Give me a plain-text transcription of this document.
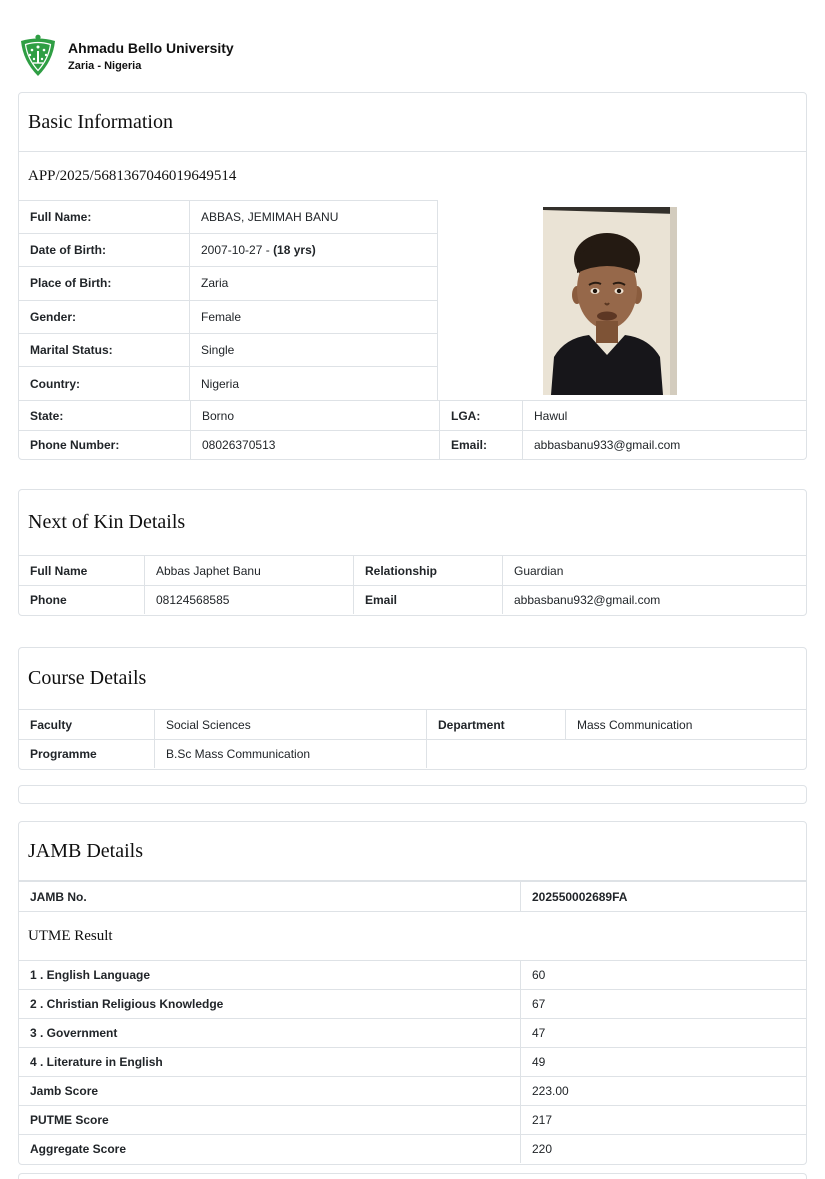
Ahmadu Bello University
Zaria - Nigeria
Basic Information
APP/2025/5681367046019649514
Full Name:	ABBAS, JEMIMAH BANU
Date of Birth:	2007-10-27 -
(18 yrs)
Place of Birth:	Zaria
Gender:	Female
Marital Status:	Single
Country:	Nigeria
State:	Borno	LGA:	Hawul
Phone Number:	08026370513	Email:	abbasbanu933@gmail.com
Next of Kin Details
Full Name	Abbas Japhet Banu	Relationship	Guardian
Phone	08124568585	Email	abbasbanu932@gmail.com
Course Details
Faculty	Social Sciences	Department	Mass Communication
Programme	B.Sc Mass Communication
JAMB Details
JAMB No.	202550002689FA
UTME Result
1 . English Language	60
2 . Christian Religious Knowledge	67
3 . Government	47
4 . Literature in English	49
Jamb Score	223.00
PUTME Score	217
Aggregate Score	220
